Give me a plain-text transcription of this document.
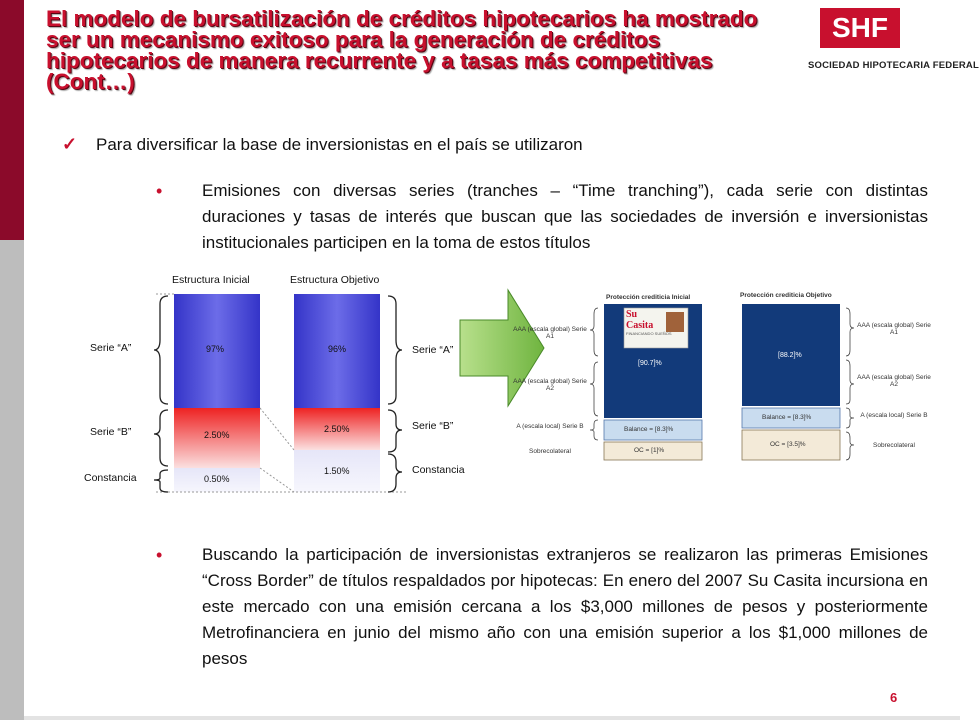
El modelo de bursatilización de créditos hipotecarios ha mostrado ser un mecanismo exitoso para la generación de créditos hipotecarios de manera recurrente y a tasas más competitivas (Cont…)
SHF
SOCIEDAD HIPOTECARIA FEDERAL
✓	Para diversificar la base de inversionistas en el país se utilizaron
•	Emisiones con diversas series (tranches – “Time tranching”), cada serie con distintas duraciones y tasas de interés que buscan que las sociedades de inversión e inversionistas institucionales participen en la toma de estos títulos
Estructura Inicial	Estructura Objetivo
Serie “A”
Serie “B”
Constancia
Serie “A”
Serie “B”
Constancia
97%
2.50%
0.50%
96%
2.50%
1.50%
Protección crediticia Inicial	Protección crediticia Objetivo
[90.7]%
[88.2]%
Balance = [8.3]%
Balance = [8.3]%
OC = [1]%
OC = [3.5]%
AAA (escala global) Serie A1
AAA (escala global) Serie A2
A (escala local) Serie B
Sobrecolateral
AAA (escala global) Serie A1
AAA (escala global) Serie A2
A (escala local) Serie B
Sobrecolateral
Su
Casita
FINANCIANDO SUEÑOS
•	Buscando la participación de inversionistas extranjeros se realizaron las primeras Emisiones “Cross Border” de títulos respaldados por hipotecas: En enero del 2007 Su Casita incursiona en este mercado con una emisión cercana a los $3,000 millones de pesos y posteriormente Metrofinanciera en junio del mismo año con una emisión superior a los $1,000 millones de pesos
6
